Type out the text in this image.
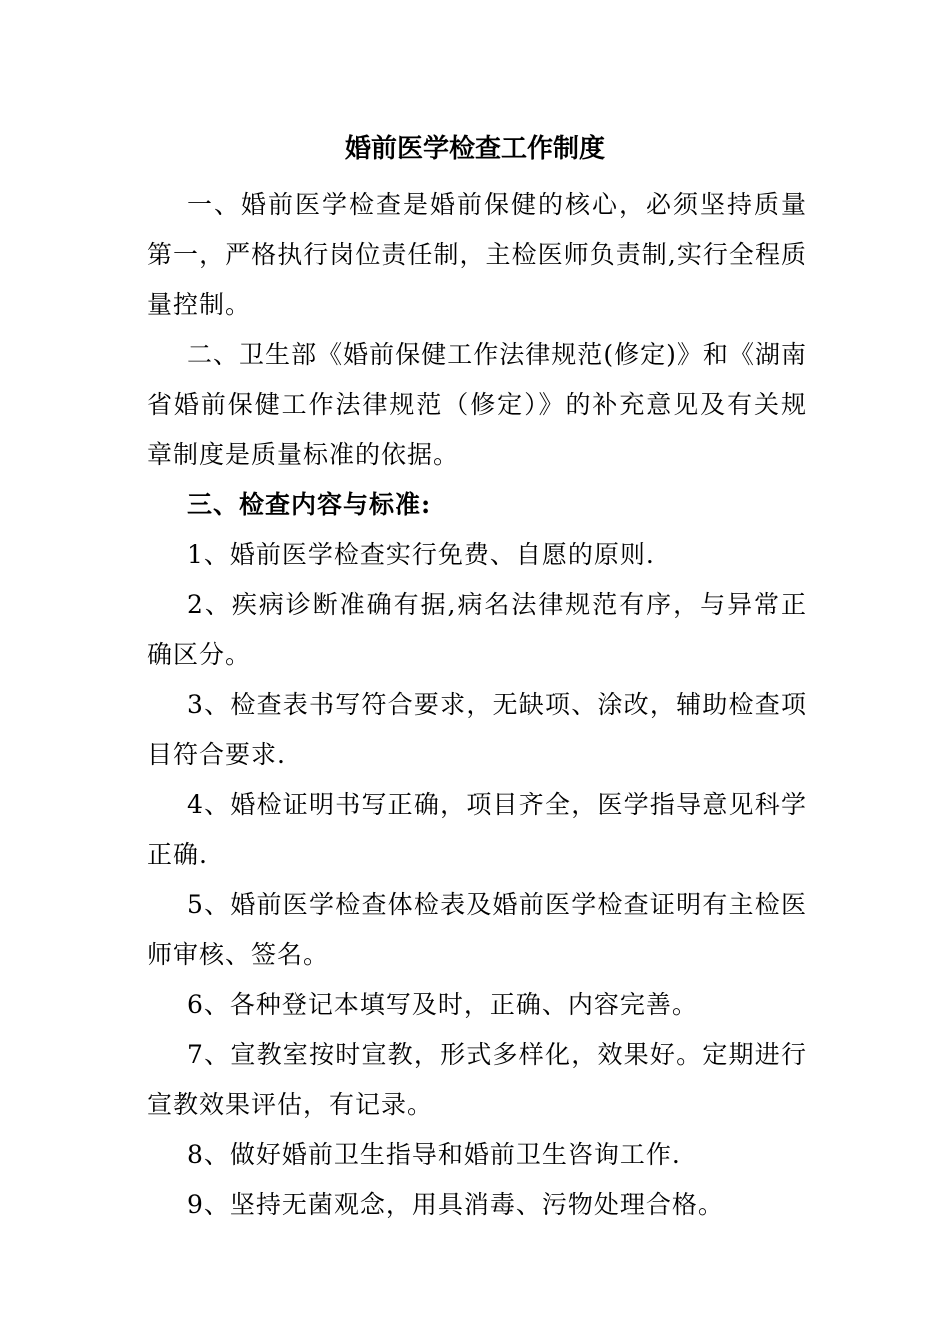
婚前医学检查工作制度

一、婚前医学检查是婚前保健的核心，必须坚持质量第一，严格执行岗位责任制，主检医师负责制,实行全程质量控制。

二、卫生部《婚前保健工作法律规范(修定)》和《湖南省婚前保健工作法律规范（修定）》的补充意见及有关规章制度是质量标准的依据。

三、检查内容与标准:

1、婚前医学检查实行免费、自愿的原则.

2、疾病诊断准确有据,病名法律规范有序，与异常正确区分。

3、检查表书写符合要求，无缺项、涂改，辅助检查项目符合要求.

4、婚检证明书写正确，项目齐全，医学指导意见科学正确.

5、婚前医学检查体检表及婚前医学检查证明有主检医师审核、签名。

6、各种登记本填写及时，正确、内容完善。

7、宣教室按时宣教，形式多样化，效果好。定期进行宣教效果评估，有记录。

8、做好婚前卫生指导和婚前卫生咨询工作.

9、坚持无菌观念，用具消毒、污物处理合格。
